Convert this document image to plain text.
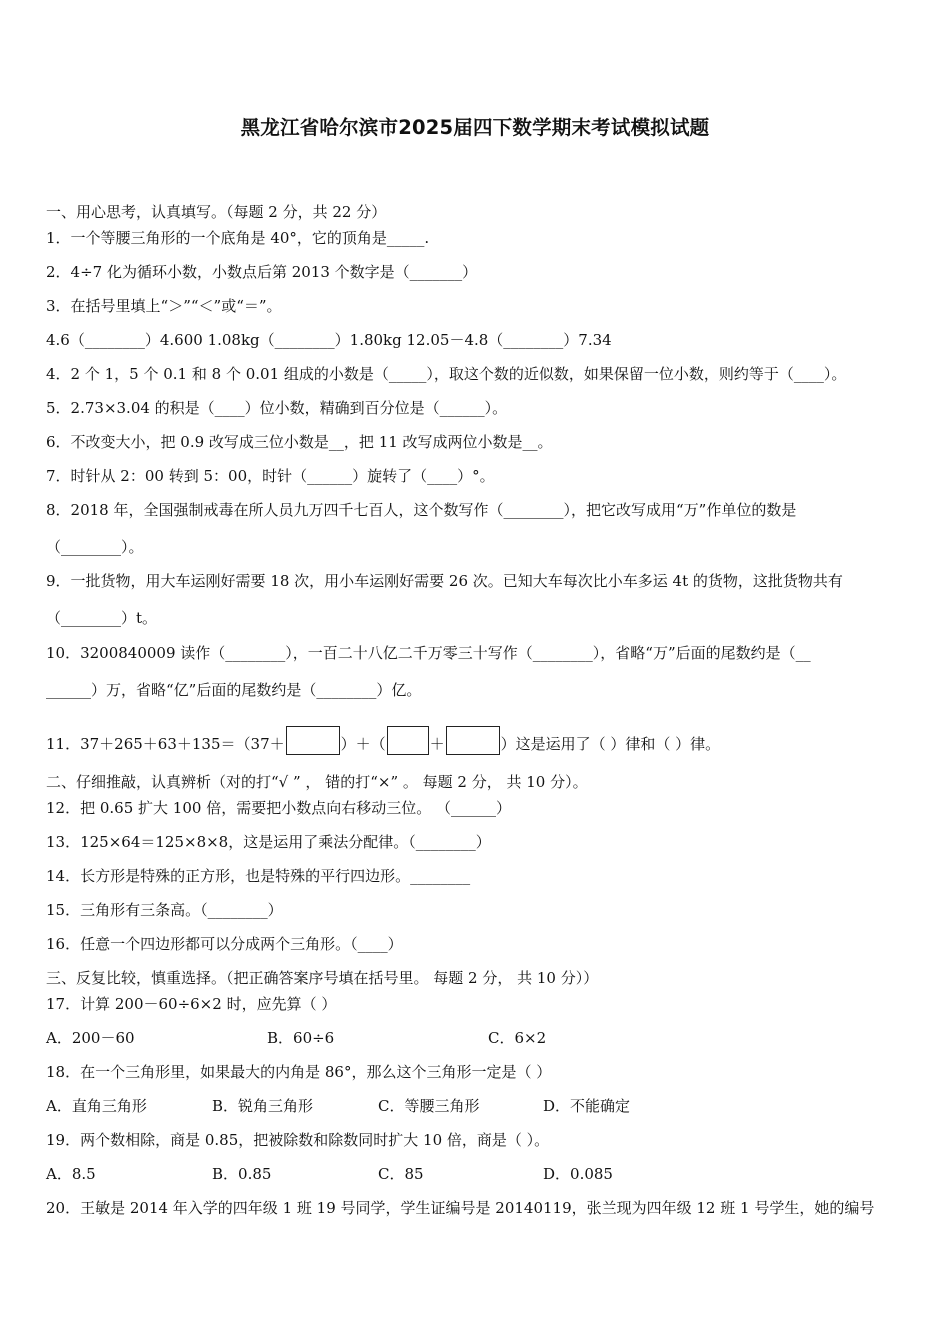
黑龙江省哈尔滨市2025届四下数学期末考试模拟试题
一、用心思考，认真填写。（每题 2 分，共 22 分）
1．一个等腰三角形的一个底角是 40°，它的顶角是_____.
2．4÷7 化为循环小数，小数点后第 2013 个数字是（_______）
3．在括号里填上“＞”“＜”或“＝”。
4.6（________）4.600 1.08kg（________）1.80kg 12.05－4.8（________）7.34
4．2 个 1，5 个 0.1 和 8 个 0.01 组成的小数是（_____），取这个数的近似数，如果保留一位小数，则约等于（____）。
5．2.73×3.04 的积是（____）位小数，精确到百分位是（______）。
6．不改变大小，把 0.9 改写成三位小数是__，把 11 改写成两位小数是__。
7．时针从 2：00 转到 5：00，时针（______）旋转了（____）°。
8．2018 年，全国强制戒毒在所人员九万四千七百人，这个数写作（________），把它改写成用“万”作单位的数是
（________）。
9．一批货物，用大车运刚好需要 18 次，用小车运刚好需要 26 次。已知大车每次比小车多运 4t 的货物，这批货物共有
（________）t。
10．3200840009 读作（________），一百二十八亿二千万零三十写作（________），省略“万”后面的尾数约是（__
______）万，省略“亿”后面的尾数约是（________）亿。
11．37＋265＋63＋135＝（37＋	）＋（	＋	）这是运用了（ ）律和（ ）律。
二、仔细推敲，认真辨析（对的打“√ ” ， 错的打“×” 。 每题 2 分， 共 10 分）。
12．把 0.65 扩大 100 倍，需要把小数点向右移动三位。 （______）
13．125×64＝125×8×8，这是运用了乘法分配律。（________）
14．长方形是特殊的正方形，也是特殊的平行四边形。________
15．三角形有三条高。（________）
16．任意一个四边形都可以分成两个三角形。（____）
三、反复比较，慎重选择。（把正确答案序号填在括号里。 每题 2 分， 共 10 分））
17．计算 200－60÷6×2 时，应先算（ ）
A．200－60	B．60÷6	C．6×2
18．在一个三角形里，如果最大的内角是 86°，那么这个三角形一定是（ ）
A．直角三角形	B．锐角三角形	C．等腰三角形	D．不能确定
19．两个数相除，商是 0.85，把被除数和除数同时扩大 10 倍，商是（ ）。
A．8.5	B．0.85	C．85	D．0.085
20．王敏是 2014 年入学的四年级 1 班 19 号同学，学生证编号是 20140119，张兰现为四年级 12 班 1 号学生，她的编号
